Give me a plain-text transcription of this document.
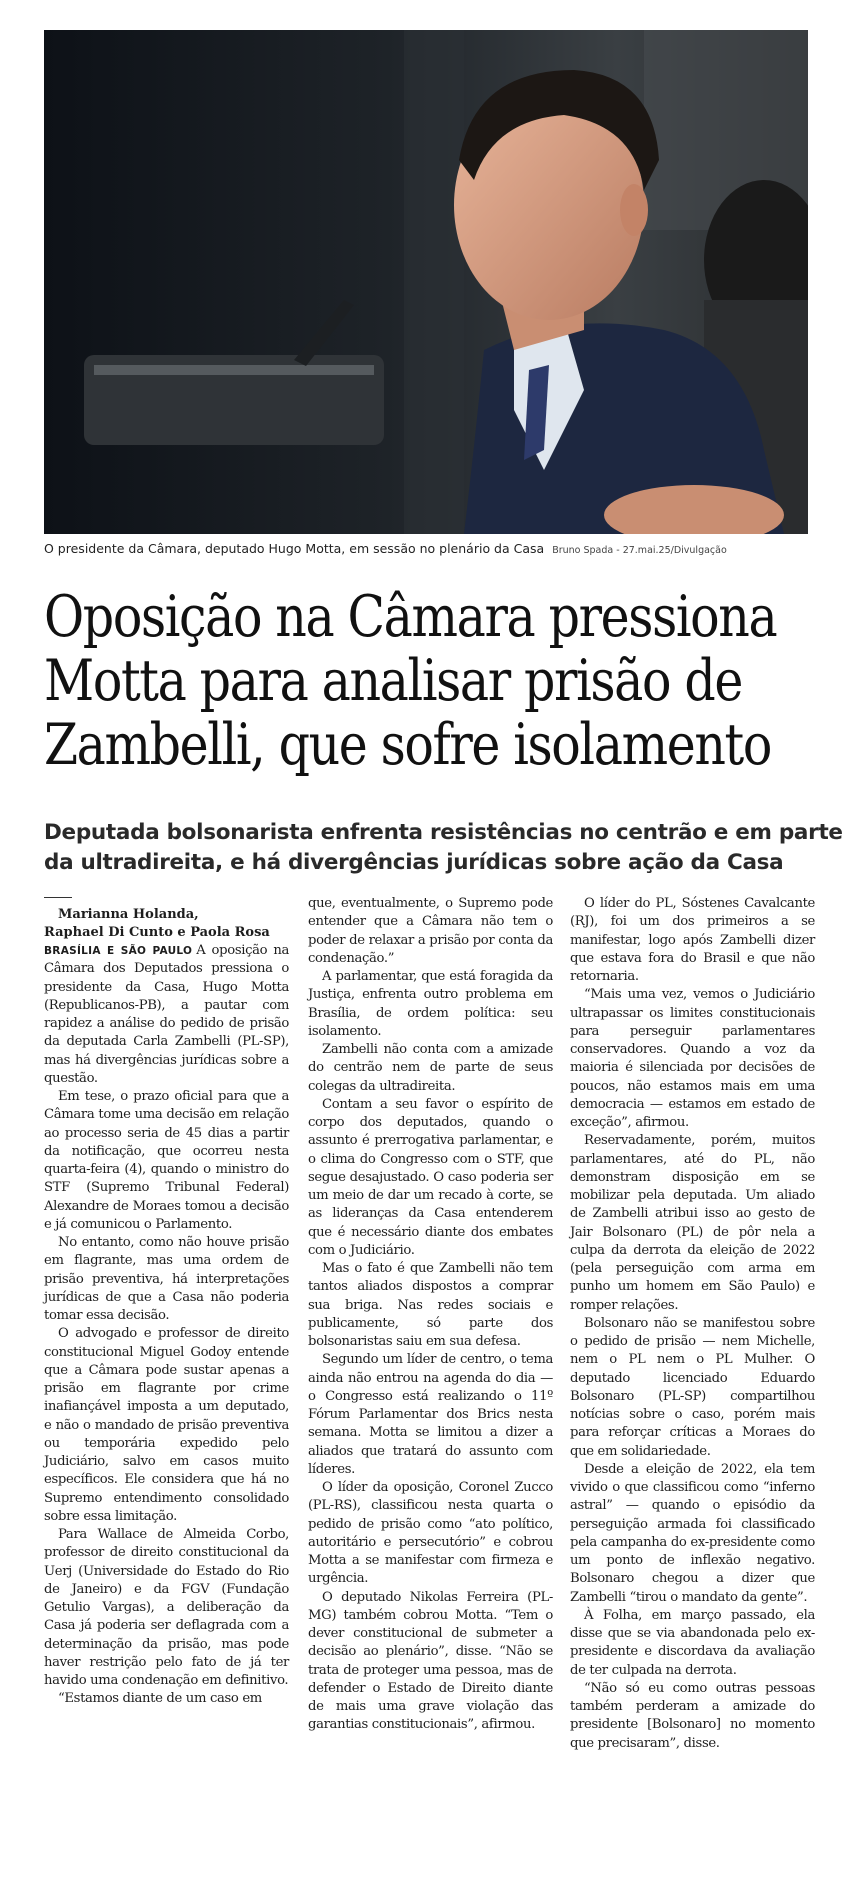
O presidente da Câmara, deputado Hugo Motta, em sessão no plenário da Casa Bruno Spada - 27.mai.25/Divulgação
Oposição na Câmara pressiona
Motta para analisar prisão de
Zambelli, que sofre isolamento
Deputada bolsonarista enfrenta resistências no centrão e em parte
da ultradireita, e há divergências jurídicas sobre ação da Casa

Marianna Holanda,
Raphael Di Cunto e Paola Rosa

BRASÍLIA E SÃO PAULO A oposição na Câmara dos Deputados pressiona o presidente da Casa, Hugo Motta (Republicanos-PB), a pautar com rapidez a análise do pedido de prisão da deputada Carla Zambelli (PL-SP), mas há divergências jurídicas sobre a questão.

Em tese, o prazo oficial para que a Câmara tome uma decisão em relação ao processo seria de 45 dias a partir da notificação, que ocorreu nesta quarta-feira (4), quando o ministro do STF (Supremo Tribunal Federal) Alexandre de Moraes tomou a decisão e já comunicou o Parlamento.

No entanto, como não houve prisão em flagrante, mas uma ordem de prisão preventiva, há interpretações jurídicas de que a Casa não poderia tomar essa decisão.

O advogado e professor de direito constitucional Miguel Godoy entende que a Câmara pode sustar apenas a prisão em flagrante por crime inafiançável imposta a um deputado, e não o mandado de prisão preventiva ou temporária expedido pelo Judiciário, salvo em casos muito específicos. Ele considera que há no Supremo entendimento consolidado sobre essa limitação.

Para Wallace de Almeida Corbo, professor de direito constitucional da Uerj (Universidade do Estado do Rio de Janeiro) e da FGV (Fundação Getulio Vargas), a deliberação da Casa já poderia ser deflagrada com a determinação da prisão, mas pode haver restrição pelo fato de já ter havido uma condenação em definitivo.

“Estamos diante de um caso em

que, eventualmente, o Supremo pode entender que a Câmara não tem o poder de relaxar a prisão por conta da condenação.”

A parlamentar, que está foragida da Justiça, enfrenta outro problema em Brasília, de ordem política: seu isolamento.

Zambelli não conta com a amizade do centrão nem de parte de seus colegas da ultradireita.

Contam a seu favor o espírito de corpo dos deputados, quando o assunto é prerrogativa parlamentar, e o clima do Congresso com o STF, que segue desajustado. O caso poderia ser um meio de dar um recado à corte, se as lideranças da Casa entenderem que é necessário diante dos embates com o Judiciário.

Mas o fato é que Zambelli não tem tantos aliados dispostos a comprar sua briga. Nas redes sociais e publicamente, só parte dos bolsonaristas saiu em sua defesa.

Segundo um líder de centro, o tema ainda não entrou na agenda do dia — o Congresso está realizando o 11º Fórum Parlamentar dos Brics nesta semana. Motta se limitou a dizer a aliados que tratará do assunto com líderes.

O líder da oposição, Coronel Zucco (PL-RS), classificou nesta quarta o pedido de prisão como “ato político, autoritário e persecutório” e cobrou Motta a se manifestar com firmeza e urgência.

O deputado Nikolas Ferreira (PL-MG) também cobrou Motta. “Tem o dever constitucional de submeter a decisão ao plenário”, disse. “Não se trata de proteger uma pessoa, mas de defender o Estado de Direito diante de mais uma grave violação das garantias constitucionais”, afirmou.

O líder do PL, Sóstenes Cavalcante (RJ), foi um dos primeiros a se manifestar, logo após Zambelli dizer que estava fora do Brasil e que não retornaria.

“Mais uma vez, vemos o Judiciário ultrapassar os limites constitucionais para perseguir parlamentares conservadores. Quando a voz da maioria é silenciada por decisões de poucos, não estamos mais em uma democracia — estamos em estado de exceção”, afirmou.

Reservadamente, porém, muitos parlamentares, até do PL, não demonstram disposição em se mobilizar pela deputada. Um aliado de Zambelli atribui isso ao gesto de Jair Bolsonaro (PL) de pôr nela a culpa da derrota da eleição de 2022 (pela perseguição com arma em punho um homem em São Paulo) e romper relações.

Bolsonaro não se manifestou sobre o pedido de prisão — nem Michelle, nem o PL nem o PL Mulher. O deputado licenciado Eduardo Bolsonaro (PL-SP) compartilhou notícias sobre o caso, porém mais para reforçar críticas a Moraes do que em solidariedade.

Desde a eleição de 2022, ela tem vivido o que classificou como “inferno astral” — quando o episódio da perseguição armada foi classificado pela campanha do ex-presidente como um ponto de inflexão negativo. Bolsonaro chegou a dizer que Zambelli “tirou o mandato da gente”.

À Folha, em março passado, ela disse que se via abandonada pelo ex-presidente e discordava da avaliação de ter culpada na derrota.

“Não só eu como outras pessoas também perderam a amizade do presidente [Bolsonaro] no momento que precisaram”, disse.
